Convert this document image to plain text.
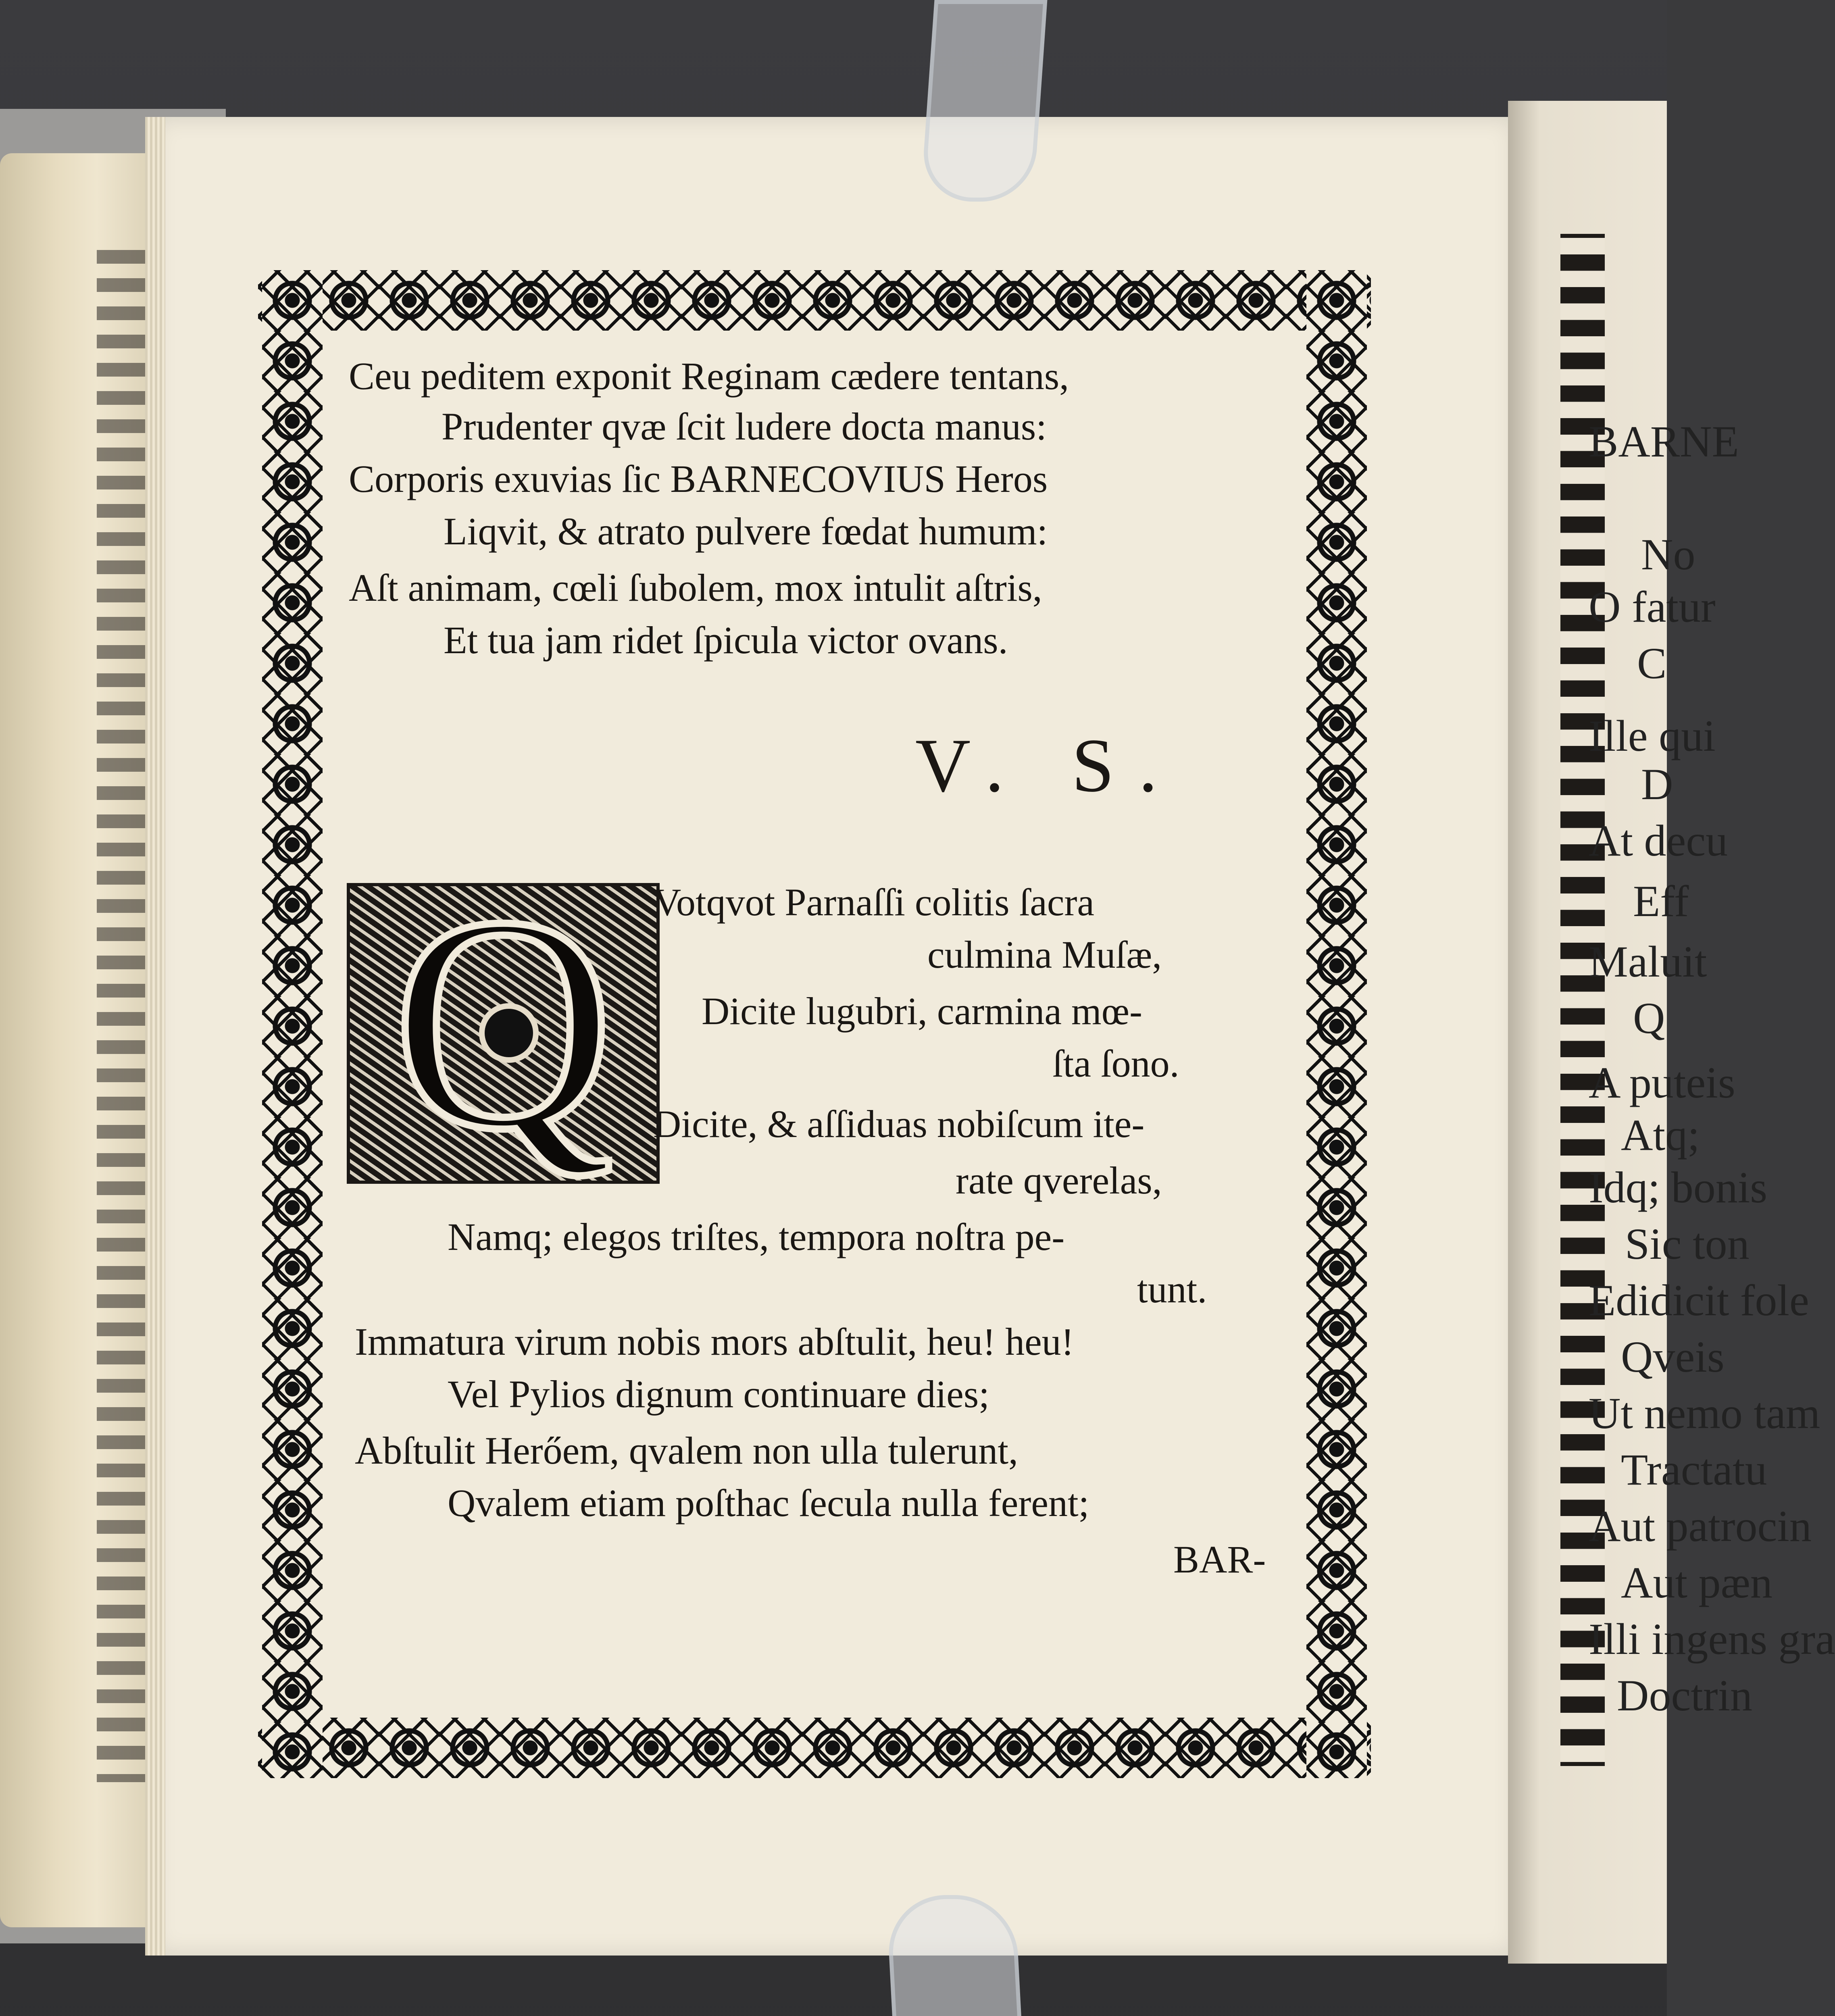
BARNE
No
O fatur
C
Ille qui
D
At decu
Eff
Maluit
Q
A puteis
Atq;
Idq; bonis
Sic ton
Edidicit fole
Qveis
Ut nemo tam
Tractatu
Aut patrocin
Aut pæn
Illi ingens gra
Doctrin
Ceu peditem exponit Reginam cædere tentans,
Prudenter qvæ ſcit ludere docta manus:
Corporis exuvias ſic BARNECOVIUS Heros
Liqvit, & atrato pulvere fœdat humum:
Aſt animam, cœli ſubolem, mox intulit aſtris,
Et tua jam ridet ſpicula victor ovans.
V. S.
Q	Votqvot Parnaſſi colitis ſacra
culmina Muſæ,
Dicite lugubri, carmina mœ-
ſta ſono.
Dicite, & aſſiduas nobiſcum ite-
rate qverelas,
Namq; elegos triſtes, tempora noſtra pe-
tunt.
Immatura virum nobis mors abſtulit, heu! heu!
Vel Pylios dignum continuare dies;
Abſtulit Herőem, qvalem non ulla tulerunt,
Qvalem etiam poſthac ſecula nulla ferent;
BAR-
